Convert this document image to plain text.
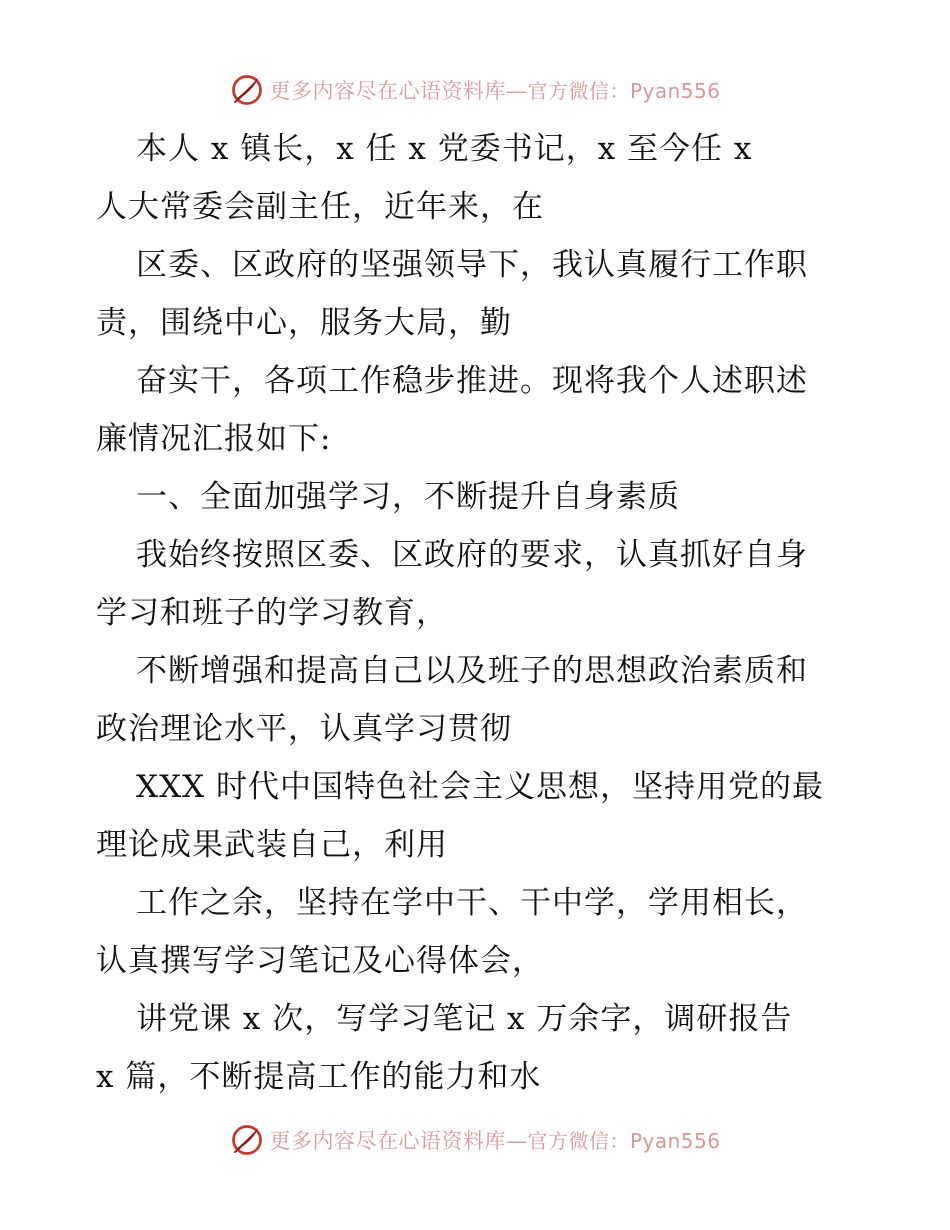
更多内容尽在心语资料库—官方微信：Pyan556

本人 x 镇长，x 任 x 党委书记，x 至今任 x

人大常委会副主任，近年来，在

区委、区政府的坚强领导下，我认真履行工作职

责，围绕中心，服务大局，勤

奋实干，各项工作稳步推进。现将我个人述职述

廉情况汇报如下:

一、全面加强学习，不断提升自身素质

我始终按照区委、区政府的要求，认真抓好自身

学习和班子的学习教育，

不断增强和提高自己以及班子的思想政治素质和

政治理论水平，认真学习贯彻

XXX 时代中国特色社会主义思想，坚持用党的最

理论成果武装自己，利用

工作之余，坚持在学中干、干中学，学用相长，

认真撰写学习笔记及心得体会，

讲党课 x 次，写学习笔记 x 万余字，调研报告

x 篇，不断提高工作的能力和水

更多内容尽在心语资料库—官方微信：Pyan556
